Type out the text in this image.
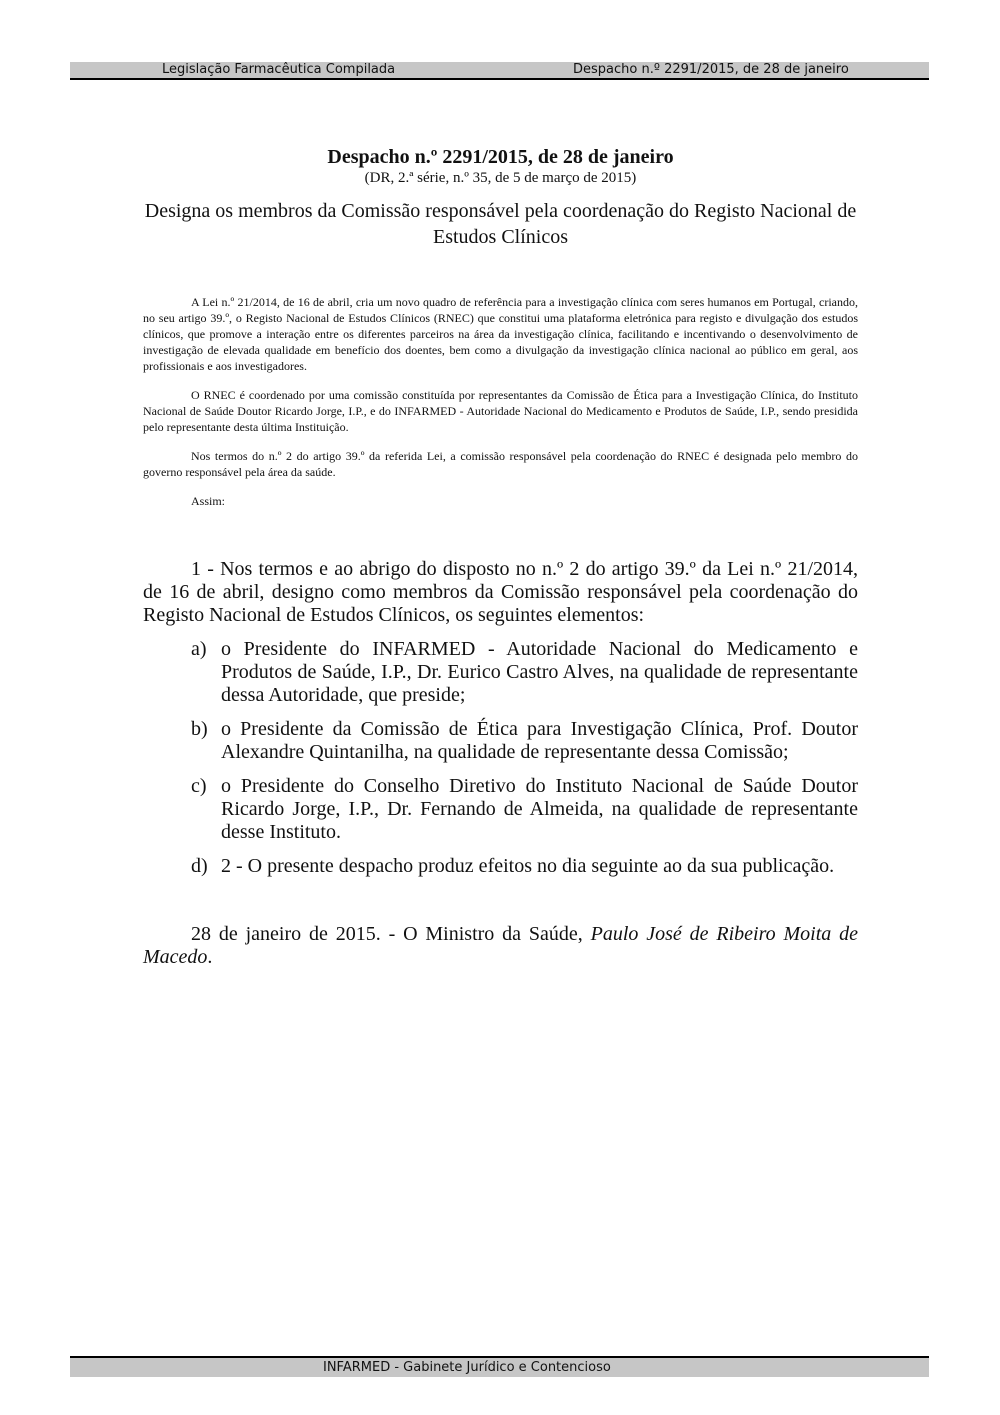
Legislação Farmacêutica Compilada	Despacho n.º 2291/2015, de 28 de janeiro
Despacho n.º 2291/2015, de 28 de janeiro
(DR, 2.ª série, n.º 35, de 5 de março de 2015)
Designa os membros da Comissão responsável pela coordenação do Registo Nacional de Estudos Clínicos

A Lei n.º 21/2014, de 16 de abril, cria um novo quadro de referência para a investigação clínica com seres humanos em Portugal, criando, no seu artigo 39.º, o Registo Nacional de Estudos Clínicos (RNEC) que constitui uma plataforma eletrónica para registo e divulgação dos estudos clínicos, que promove a interação entre os diferentes parceiros na área da investigação clínica, facilitando e incentivando o desenvolvimento de investigação de elevada qualidade em benefício dos doentes, bem como a divulgação da investigação clínica nacional ao público em geral, aos profissionais e aos investigadores.

O RNEC é coordenado por uma comissão constituída por representantes da Comissão de Ética para a Investigação Clínica, do Instituto Nacional de Saúde Doutor Ricardo Jorge, I.P., e do INFARMED - Autoridade Nacional do Medicamento e Produtos de Saúde, I.P., sendo presidida pelo representante desta última Instituição.

Nos termos do n.º 2 do artigo 39.º da referida Lei, a comissão responsável pela coordenação do RNEC é designada pelo membro do governo responsável pela área da saúde.

Assim:

1 - Nos termos e ao abrigo do disposto no n.º 2 do artigo 39.º da Lei n.º 21/2014, de 16 de abril, designo como membros da Comissão responsável pela coordenação do Registo Nacional de Estudos Clínicos, os seguintes elementos:

a) o Presidente do INFARMED - Autoridade Nacional do Medicamento e Produtos de Saúde, I.P., Dr. Eurico Castro Alves, na qualidade de representante dessa Autoridade, que preside;
b) o Presidente da Comissão de Ética para Investigação Clínica, Prof. Doutor Alexandre Quintanilha, na qualidade de representante dessa Comissão;
c) o Presidente do Conselho Diretivo do Instituto Nacional de Saúde Doutor Ricardo Jorge, I.P., Dr. Fernando de Almeida, na qualidade de representante desse Instituto.
d) 2 - O presente despacho produz efeitos no dia seguinte ao da sua publicação.

28 de janeiro de 2015. - O Ministro da Saúde, Paulo José de Ribeiro Moita de Macedo.

INFARMED - Gabinete Jurídico e Contencioso
